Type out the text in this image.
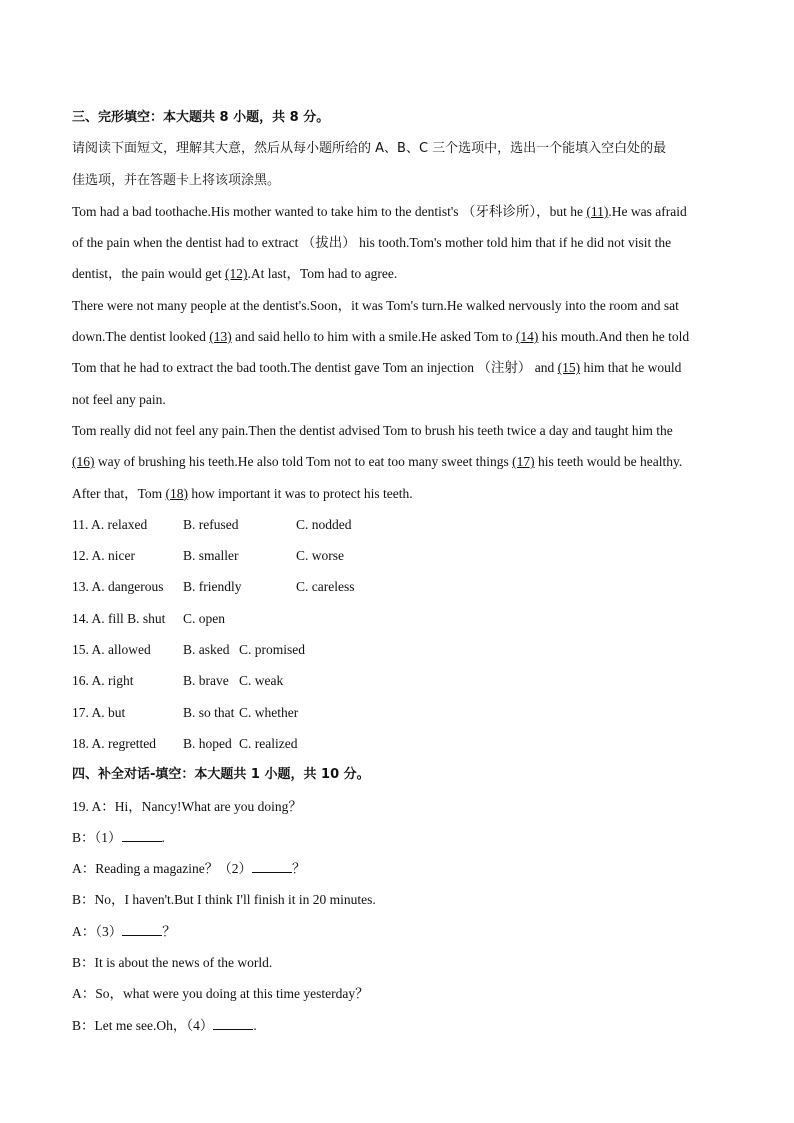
三、完形填空：本大题共 8 小题，共 8 分。
请阅读下面短文，理解其大意，然后从每小题所给的 A、B、C 三个选项中，选出一个能填入空白处的最
佳选项，并在答题卡上将该项涂黑。
Tom had a bad toothache.His mother wanted to take him to the dentist's （牙科诊所），but he (11).He was afraid
of the pain when the dentist had to extract （拔出） his tooth.Tom's mother told him that if he did not visit the
dentist，the pain would get (12).At last，Tom had to agree.
There were not many people at the dentist's.Soon，it was Tom's turn.He walked nervously into the room and sat
down.The dentist looked (13) and said hello to him with a smile.He asked Tom to (14) his mouth.And then he told
Tom that he had to extract the bad tooth.The dentist gave Tom an injection （注射） and (15) him that he would
not feel any pain.
Tom really did not feel any pain.Then the dentist advised Tom to brush his teeth twice a day and taught him the
(16) way of brushing his teeth.He also told Tom not to eat too many sweet things (17) his teeth would be healthy.
After that，Tom (18) how important it was to protect his teeth.
11. A. relaxed	B. refused	C. nodded
12. A. nicer	B. smaller	C. worse
13. A. dangerous	B. friendly	C. careless
14. A. fill B. shut	C. open
15. A. allowed	B. asked C. promised
16. A. right	B. brave C. weak
17. A. but	B. so that C. whether
18. A. regretted	B. hoped C. realized
四、补全对话-填空：本大题共 1 小题，共 10 分。
19. A：Hi，Nancy!What are you doing？
B：（1）	.
A：Reading a magazine？（2）	？
B：No，I haven't.But I think I'll finish it in 20 minutes.
A：（3）	？
B：It is about the news of the world.
A：So，what were you doing at this time yesterday？
B：Let me see.Oh，（4）	.
